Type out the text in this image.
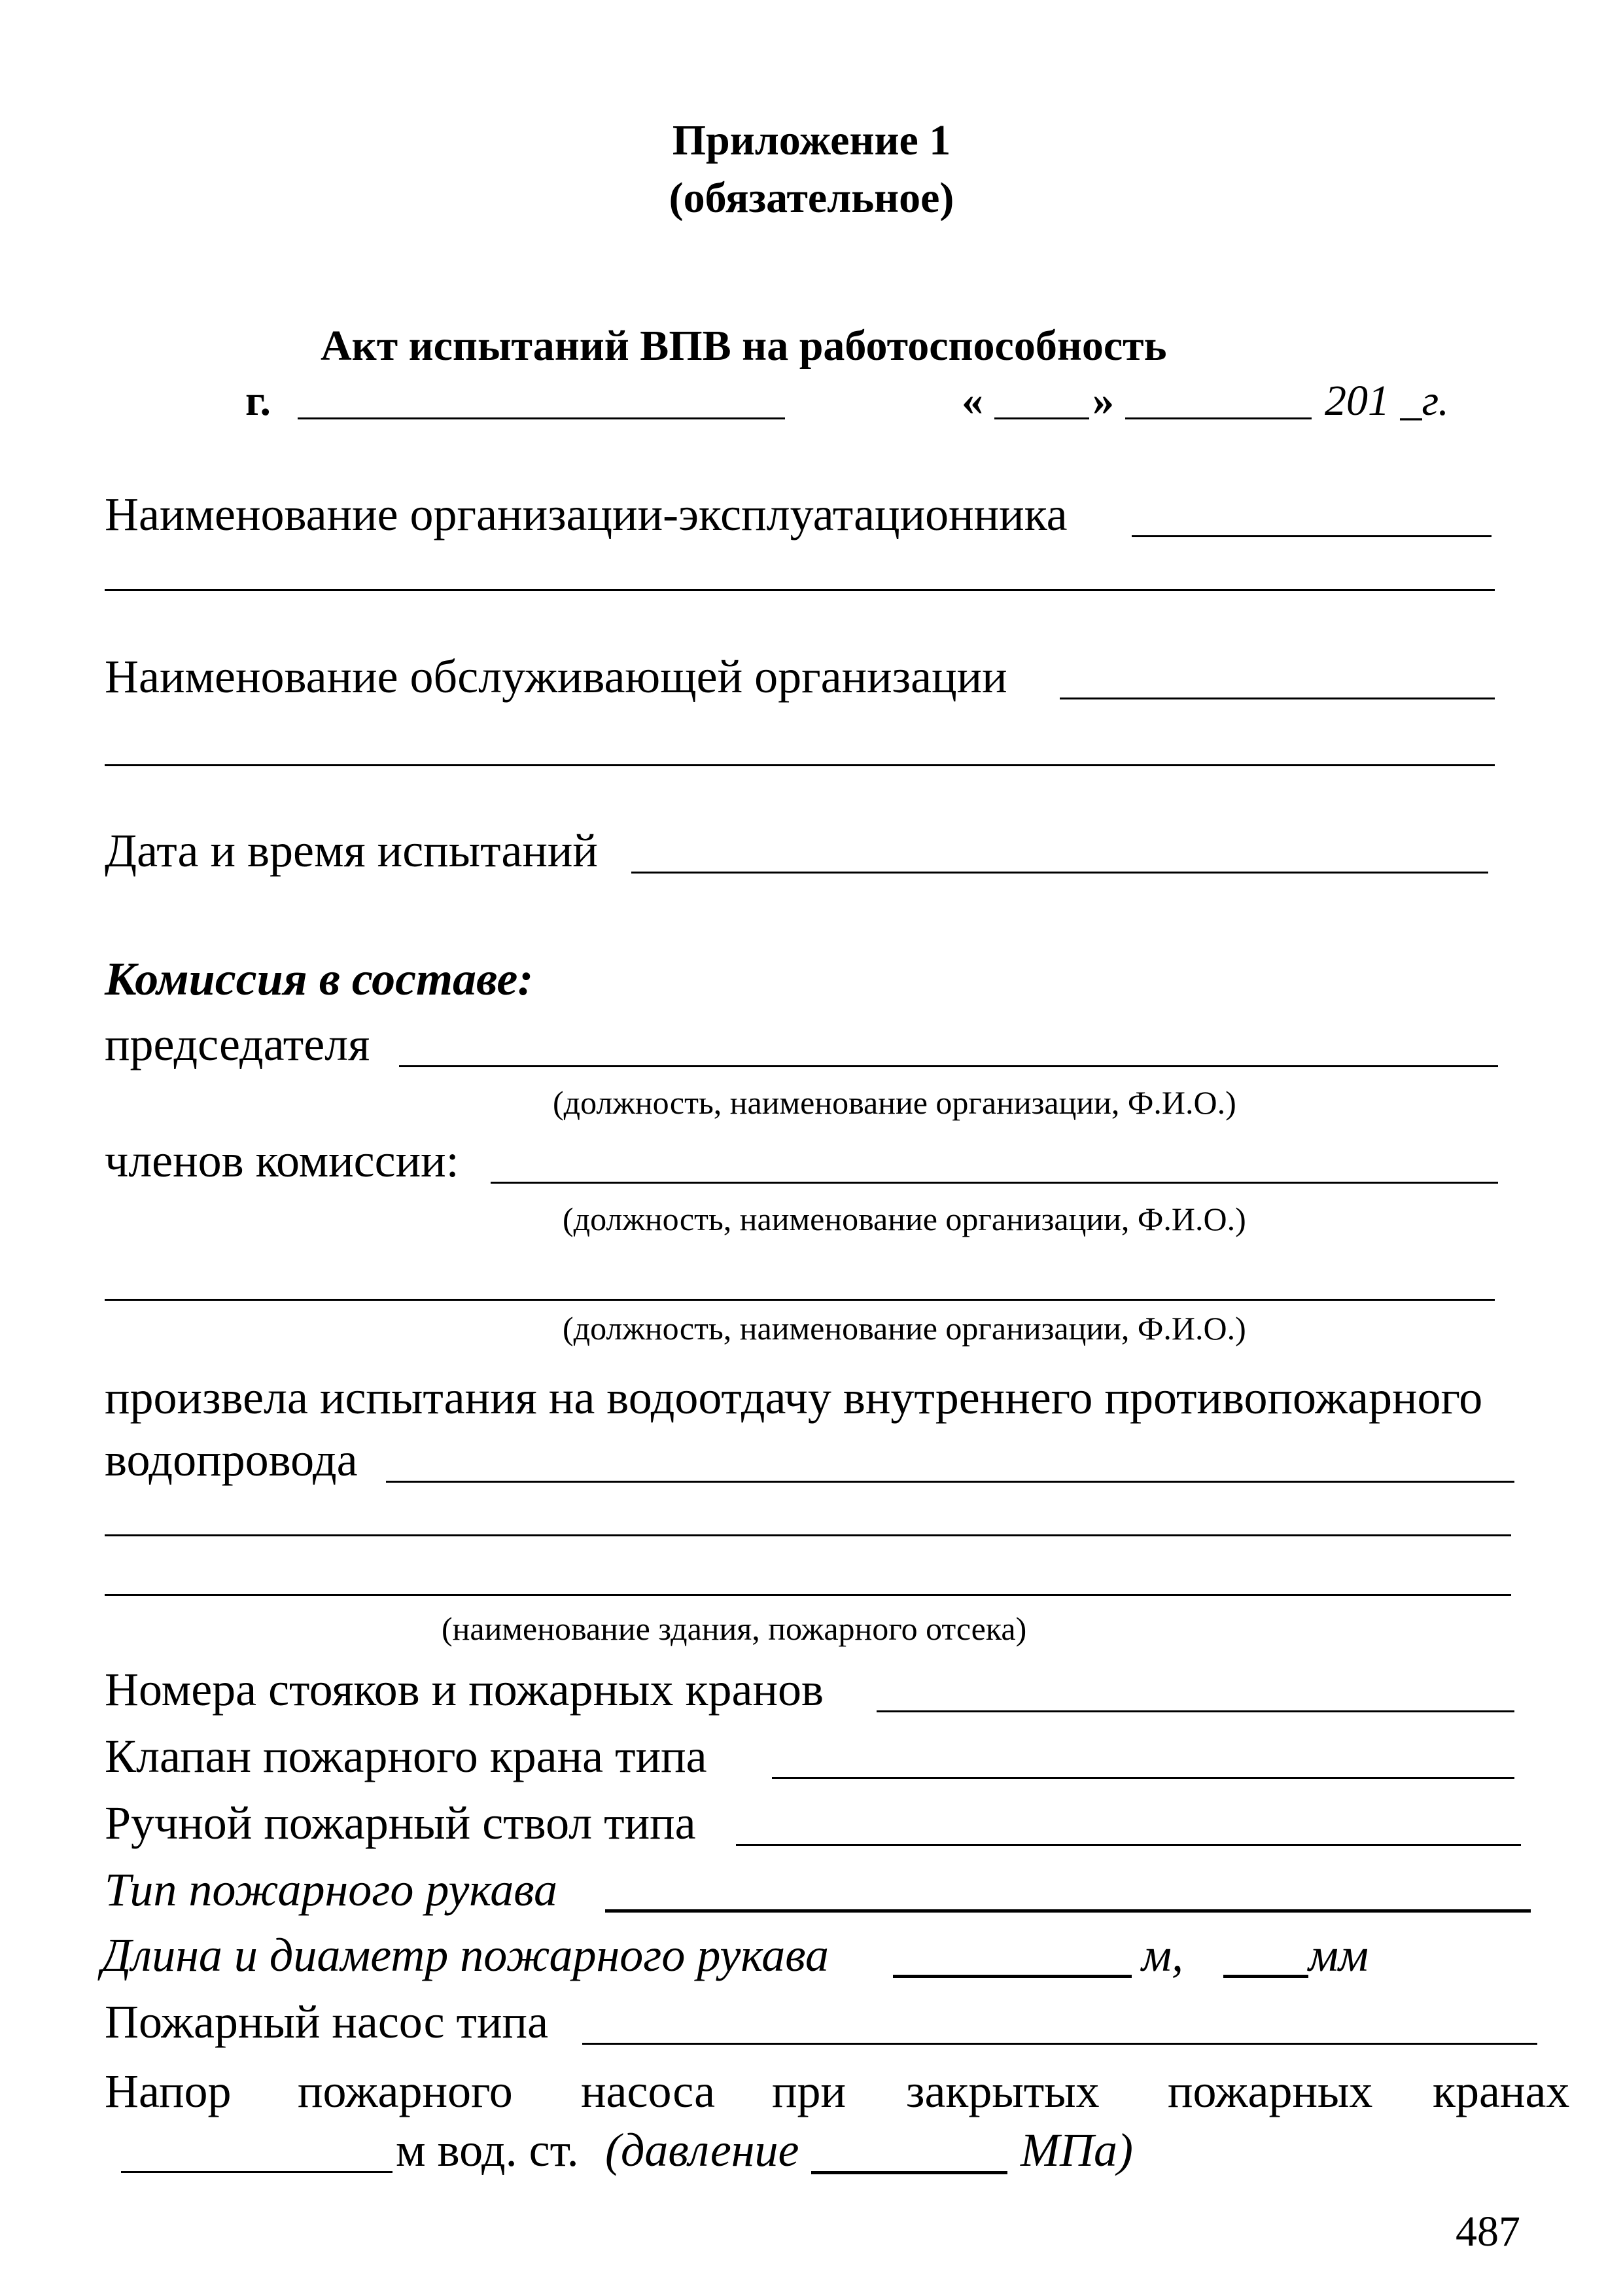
Приложение 1
(обязательное)
Акт испытаний ВПВ на работоспособность
г.	«	»	201 _г.
Наименование организации-эксплуатационника
Наименование обслуживающей организации
Дата и время испытаний
Комиссия в составе:
председателя
(должность, наименование организации, Ф.И.О.)
членов комиссии:
(должность, наименование организации, Ф.И.О.)
(должность, наименование организации, Ф.И.О.)
произвела испытания на водоотдачу внутреннего противопожарного
водопровода
(наименование здания, пожарного отсека)
Номера стояков и пожарных кранов
Клапан пожарного крана типа
Ручной пожарный ствол типа
Тип пожарного рукава
Длина и диаметр пожарного рукава	м,	мм
Пожарный насос типа
Напор пожарного насоса при закрытых пожарных кранах
м вод. ст. (давление	МПа)
487
